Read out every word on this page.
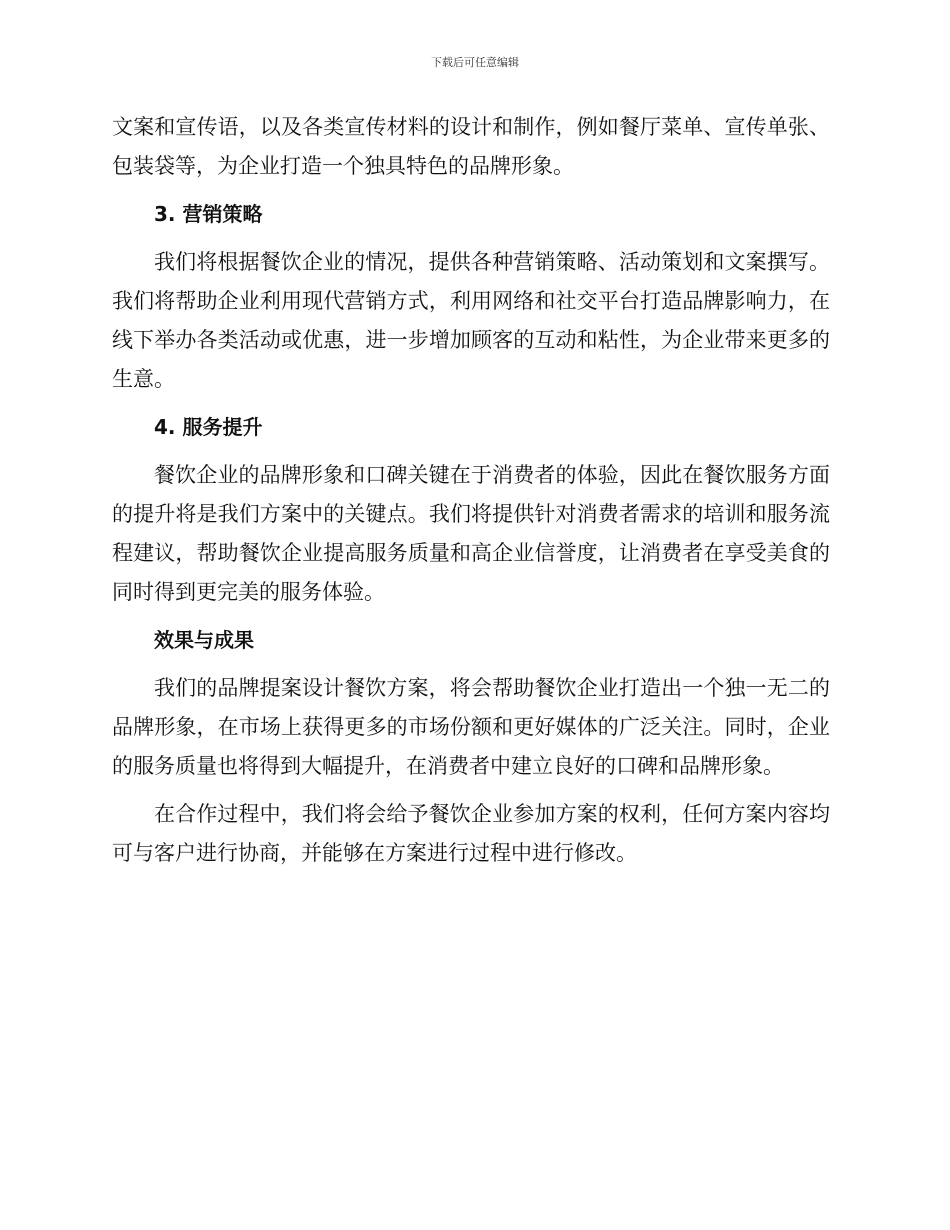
下载后可任意编辑

文案和宣传语，以及各类宣传材料的设计和制作，例如餐厅菜单、宣传单张、包装袋等，为企业打造一个独具特色的品牌形象。

3. 营销策略

我们将根据餐饮企业的情况，提供各种营销策略、活动策划和文案撰写。我们将帮助企业利用现代营销方式，利用网络和社交平台打造品牌影响力，在线下举办各类活动或优惠，进一步增加顾客的互动和粘性，为企业带来更多的生意。

4. 服务提升

餐饮企业的品牌形象和口碑关键在于消费者的体验，因此在餐饮服务方面的提升将是我们方案中的关键点。我们将提供针对消费者需求的培训和服务流程建议，帮助餐饮企业提高服务质量和高企业信誉度，让消费者在享受美食的同时得到更完美的服务体验。

效果与成果

我们的品牌提案设计餐饮方案，将会帮助餐饮企业打造出一个独一无二的品牌形象，在市场上获得更多的市场份额和更好媒体的广泛关注。同时，企业的服务质量也将得到大幅提升，在消费者中建立良好的口碑和品牌形象。

在合作过程中，我们将会给予餐饮企业参加方案的权利，任何方案内容均可与客户进行协商，并能够在方案进行过程中进行修改。
